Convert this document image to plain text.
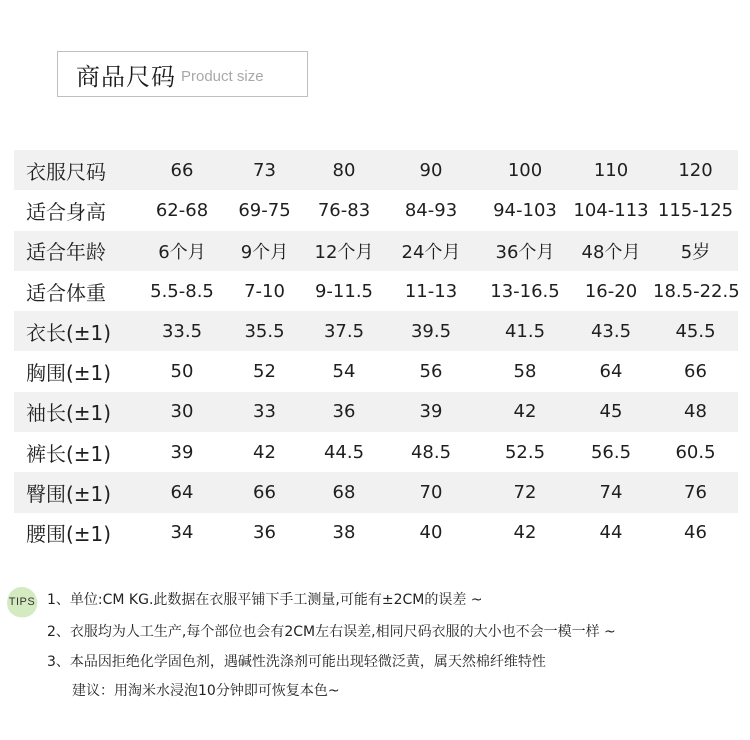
商品尺码 Product size
衣服尺码	66	73	80	90	100	110	120
适合身高	62-68	69-75	76-83	84-93	94-103 104-113 115-125
适合年龄	6个月	9个月	12个月	24个月	36个月	48个月	5岁
适合体重	5.5-8.5	7-10	9-11.5	11-13	13-16.5	16-20 18.5-22.5
衣长(±1)	33.5	35.5	37.5	39.5	41.5	43.5	45.5
胸围(±1)	50	52	54	56	58	64	66
袖长(±1)	30	33	36	39	42	45	48
裤长(±1)	39	42	44.5	48.5	52.5	56.5	60.5
臀围(±1)	64	66	68	70	72	74	76
腰围(±1)	34	36	38	40	42	44	46
TIPS 1、单位:CM KG.此数据在衣服平铺下手工测量,可能有±2CM的误差 ~
2、衣服均为人工生产,每个部位也会有2CM左右误差,相同尺码衣服的大小也不会一模一样 ~
3、本品因拒绝化学固色剂，遇碱性洗涤剂可能出现轻微泛黄，属天然棉纤维特性
建议：用淘米水浸泡10分钟即可恢复本色~
